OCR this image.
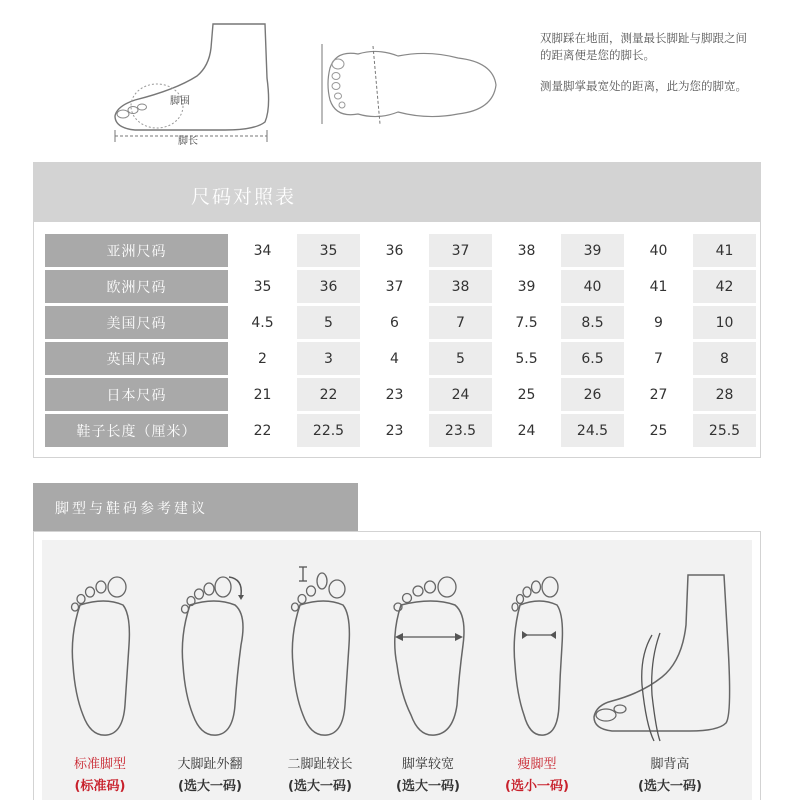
脚围
脚长
双脚踩在地面，测量最长脚趾与脚跟之间的距离便是您的脚长。
测量脚掌最宽处的距离，此为您的脚宽。
尺码对照表
亚洲尺码	34	35	36	37	38	39	40	41
欧洲尺码	35	36	37	38	39	40	41	42
美国尺码	4.5	5	6	7	7.5	8.5	9	10
英国尺码	2	3	4	5	5.5	6.5	7	8
日本尺码	21	22	23	24	25	26	27	28
鞋子长度（厘米）	22	22.5	23	23.5	24	24.5	25	25.5
脚型与鞋码参考建议
标准脚型
(标准码)
大脚趾外翻
(选大一码)
二脚趾较长
(选大一码)
脚掌较宽
(选大一码)
瘦脚型
(选小一码)
脚背高
(选大一码)
